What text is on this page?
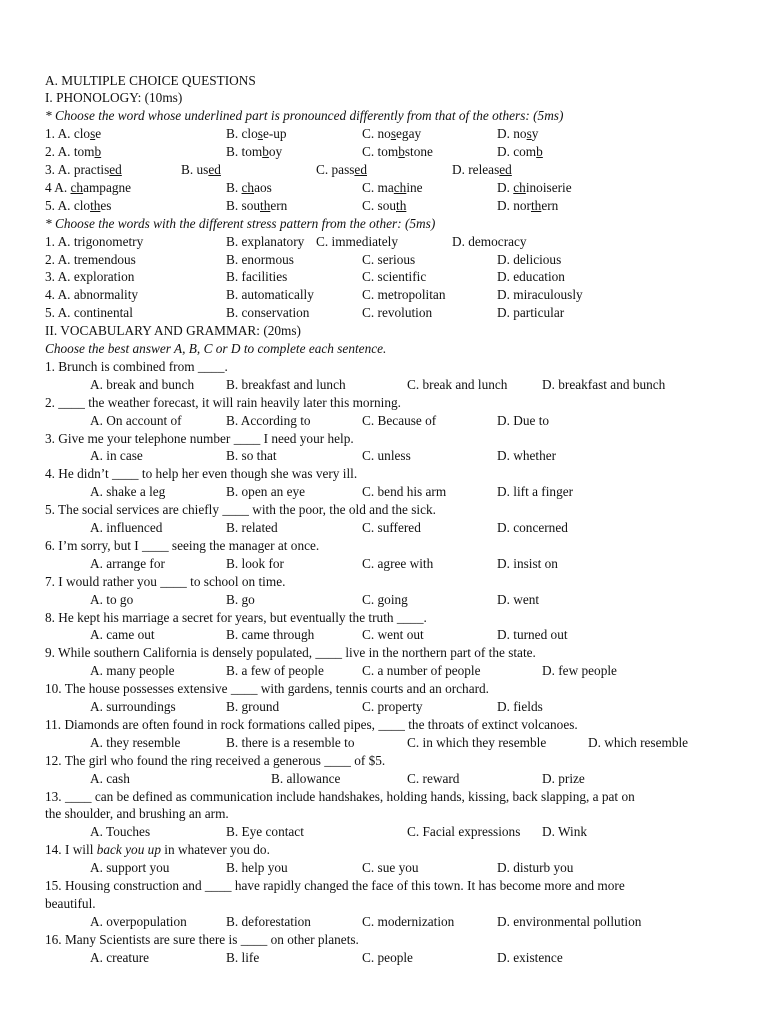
A. MULTIPLE CHOICE QUESTIONS
I. PHONOLOGY: (10ms)
* Choose the word whose underlined part is pronounced differently from that of the others: (5ms)
1. A. close	B. close-up	C. nosegay	D. nosy
2. A. tomb	B. tomboy	C. tombstone	D. comb
3. A. practised	B. used	C. passed	D. released
4 A. champagne	B. chaos	C. machine	D. chinoiserie
5. A. clothes	B. southern	C. south	D. northern
* Choose the words with the different stress pattern from the other: (5ms)
1. A. trigonometry	B. explanatory C. immediately	D. democracy
2. A. tremendous	B. enormous	C. serious	D. delicious
3. A. exploration	B. facilities	C. scientific	D. education
4. A. abnormality	B. automatically	C. metropolitan	D. miraculously
5. A. continental	B. conservation	C. revolution	D. particular
II. VOCABULARY AND GRAMMAR: (20ms)
Choose the best answer A, B, C or D to complete each sentence.
1. Brunch is combined from ____.
A. break and bunch B. breakfast and lunch	C. break and lunch	D. breakfast and bunch
2. ____ the weather forecast, it will rain heavily later this morning.
A. On account of	B. According to	C. Because of	D. Due to
3. Give me your telephone number ____ I need your help.
A. in case	B. so that	C. unless	D. whether
4. He didn’t ____ to help her even though she was very ill.
A. shake a leg	B. open an eye	C. bend his arm	D. lift a finger
5. The social services are chiefly ____ with the poor, the old and the sick.
A. influenced	B. related	C. suffered	D. concerned
6. I’m sorry, but I ____ seeing the manager at once.
A. arrange for	B. look for	C. agree with	D. insist on
7. I would rather you ____ to school on time.
A. to go	B. go	C. going	D. went
8. He kept his marriage a secret for years, but eventually the truth ____.
A. came out	B. came through	C. went out	D. turned out
9. While southern California is densely populated, ____ live in the northern part of the state.
A. many people	B. a few of people	C. a number of people	D. few people
10. The house possesses extensive ____ with gardens, tennis courts and an orchard.
A. surroundings	B. ground	C. property	D. fields
11. Diamonds are often found in rock formations called pipes, ____ the throats of extinct volcanoes.
A. they resemble	B. there is a resemble to	C. in which they resemble	D. which resemble
12. The girl who found the ring received a generous ____ of $5.
A. cash	B. allowance	C. reward	D. prize
13. ____ can be defined as communication include handshakes, holding hands, kissing, back slapping, a pat on
the shoulder, and brushing an arm.
A. Touches	B. Eye contact	C. Facial expressions D. Wink
14. I will back you up in whatever you do.
A. support you	B. help you	C. sue you	D. disturb you
15. Housing construction and ____ have rapidly changed the face of this town. It has become more and more
beautiful.
A. overpopulation	B. deforestation	C. modernization	D. environmental pollution
16. Many Scientists are sure there is ____ on other planets.
A. creature	B. life	C. people	D. existence
